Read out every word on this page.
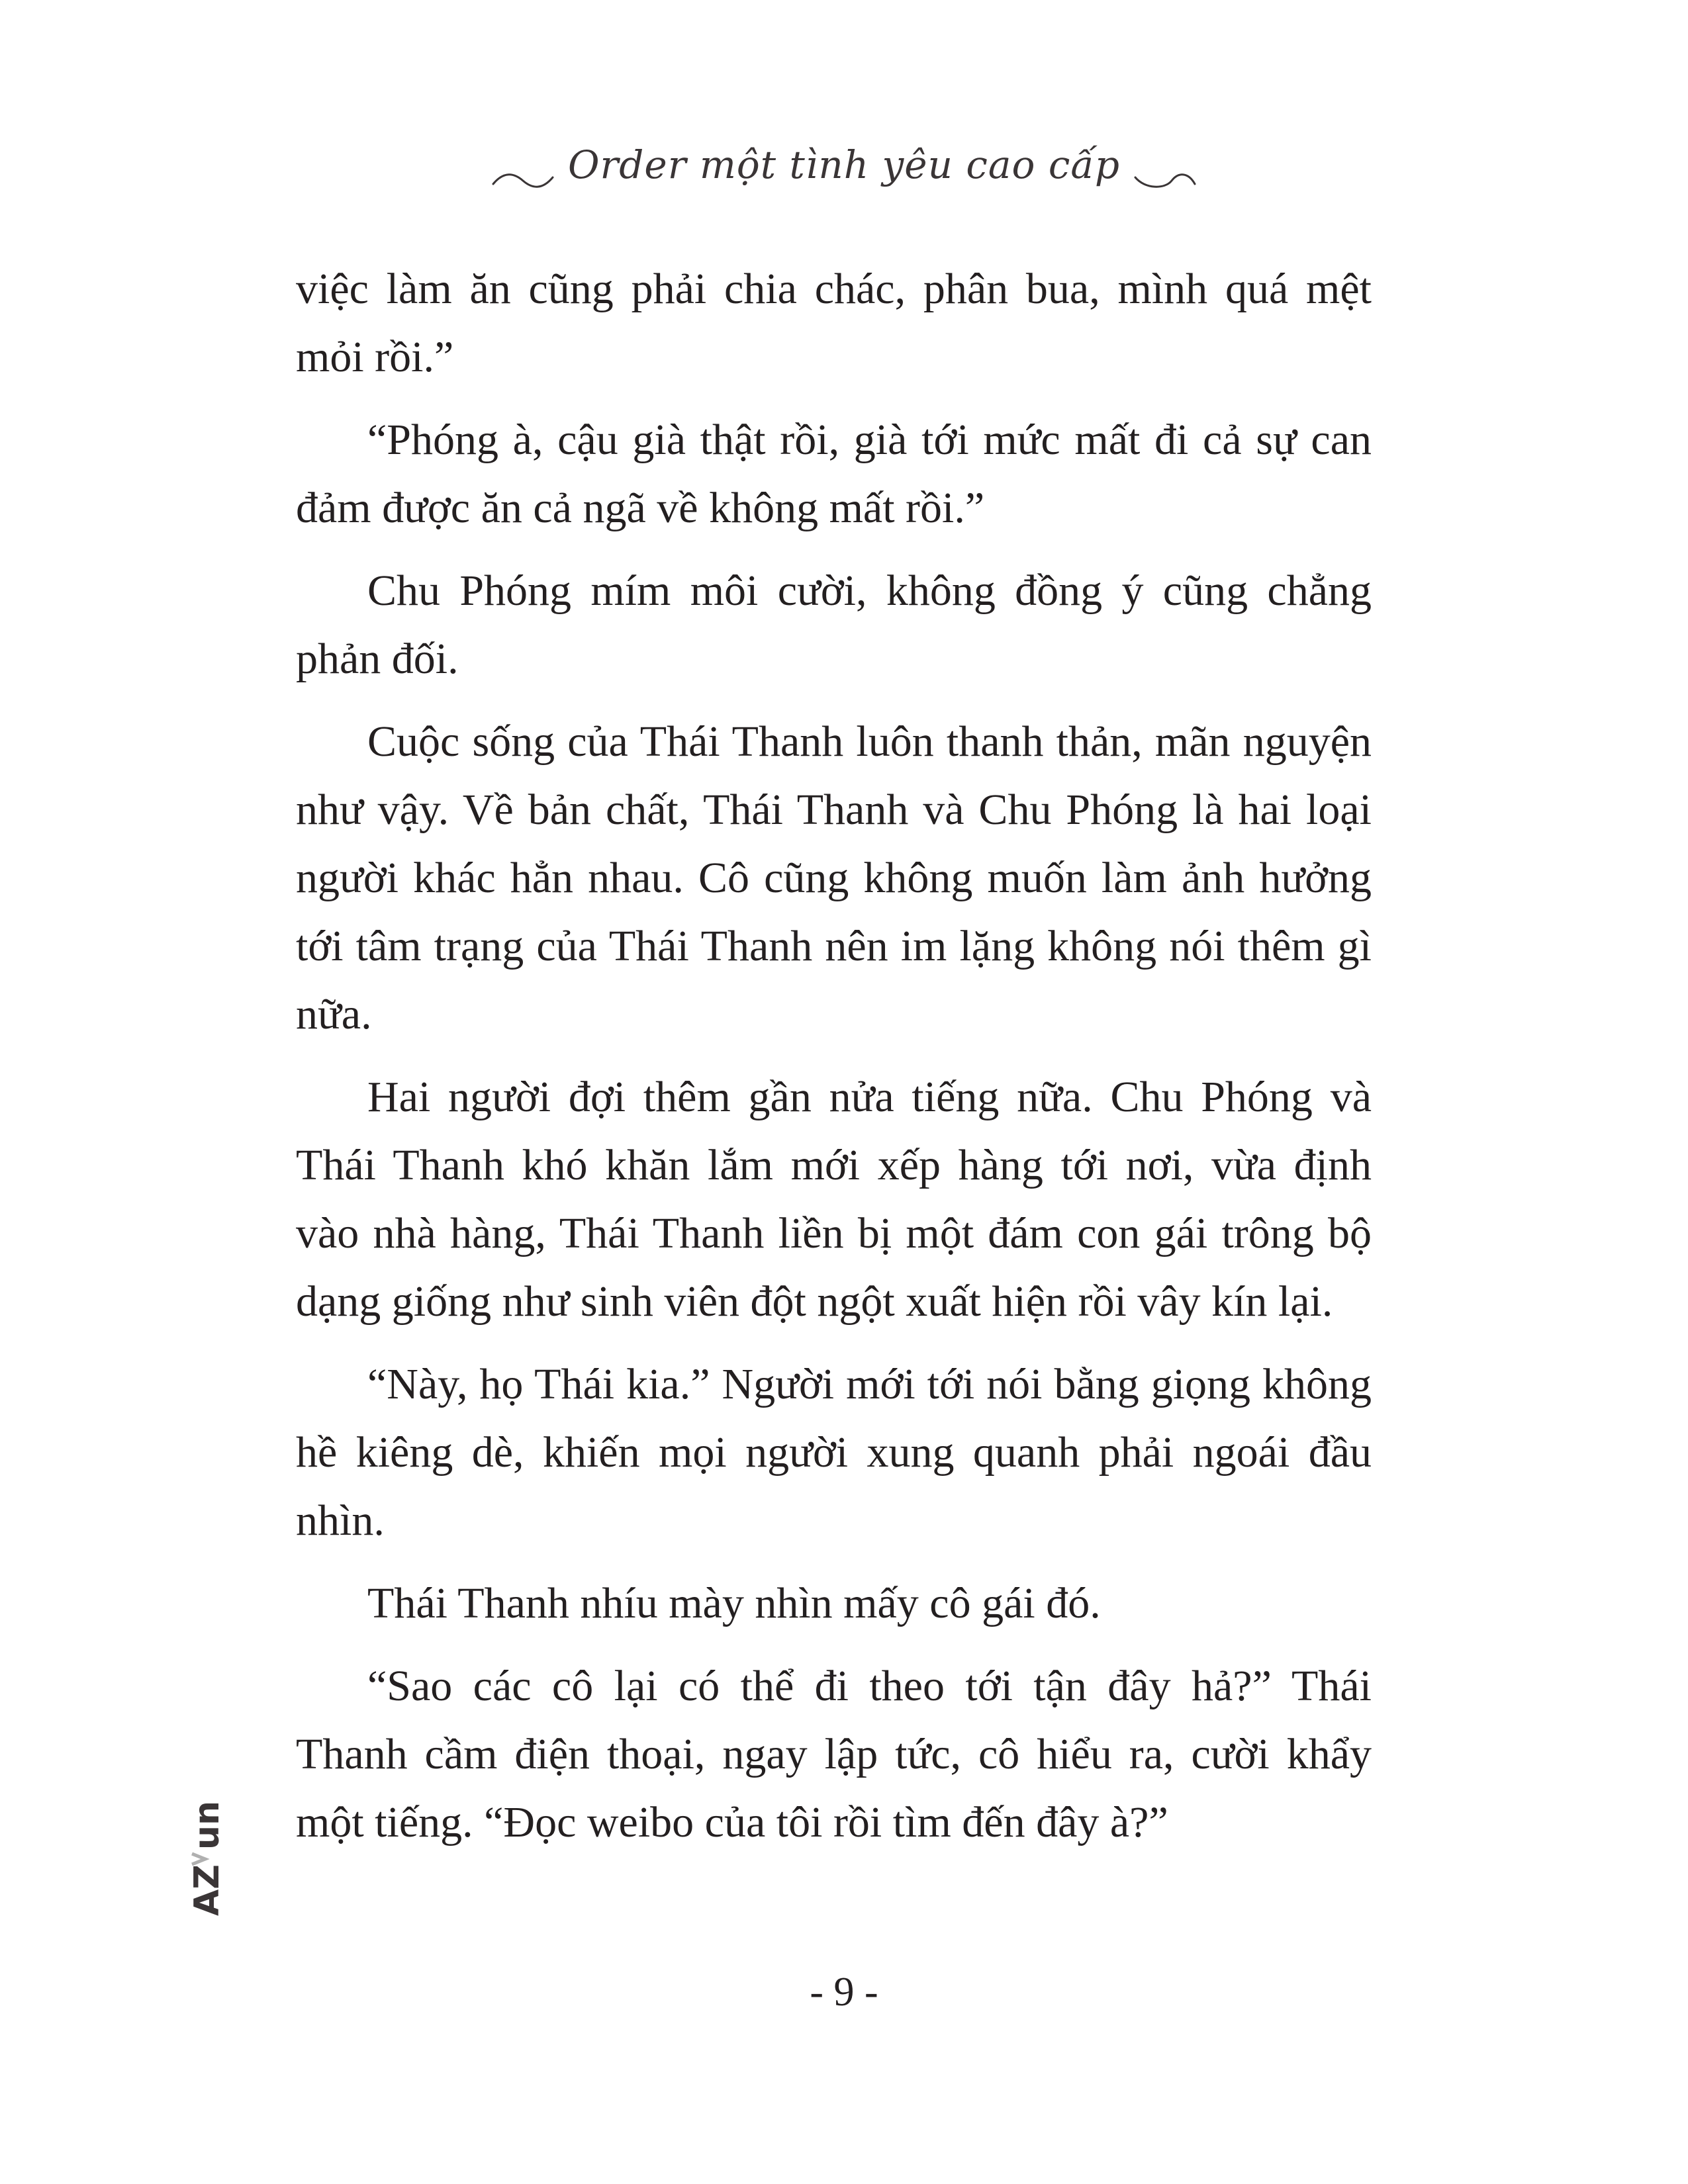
Order một tình yêu cao cấp

việc làm ăn cũng phải chia chác, phân bua, mình quá mệt mỏi rồi.”

“Phóng à, cậu già thật rồi, già tới mức mất đi cả sự can đảm được ăn cả ngã về không mất rồi.”

Chu Phóng mím môi cười, không đồng ý cũng chẳng phản đối.

Cuộc sống của Thái Thanh luôn thanh thản, mãn nguyện như vậy. Về bản chất, Thái Thanh và Chu Phóng là hai loại người khác hẳn nhau. Cô cũng không muốn làm ảnh hưởng tới tâm trạng của Thái Thanh nên im lặng không nói thêm gì nữa.

Hai người đợi thêm gần nửa tiếng nữa. Chu Phóng và Thái Thanh khó khăn lắm mới xếp hàng tới nơi, vừa định vào nhà hàng, Thái Thanh liền bị một đám con gái trông bộ dạng giống như sinh viên đột ngột xuất hiện rồi vây kín lại.

“Này, họ Thái kia.” Người mới tới nói bằng giọng không hề kiêng dè, khiến mọi người xung quanh phải ngoái đầu nhìn.

Thái Thanh nhíu mày nhìn mấy cô gái đó.

“Sao các cô lại có thể đi theo tới tận đây hả?” Thái Thanh cầm điện thoại, ngay lập tức, cô hiểu ra, cười khẩy một tiếng. “Đọc weibo của tôi rồi tìm đến đây à?”

AZ
un
- 9 -
